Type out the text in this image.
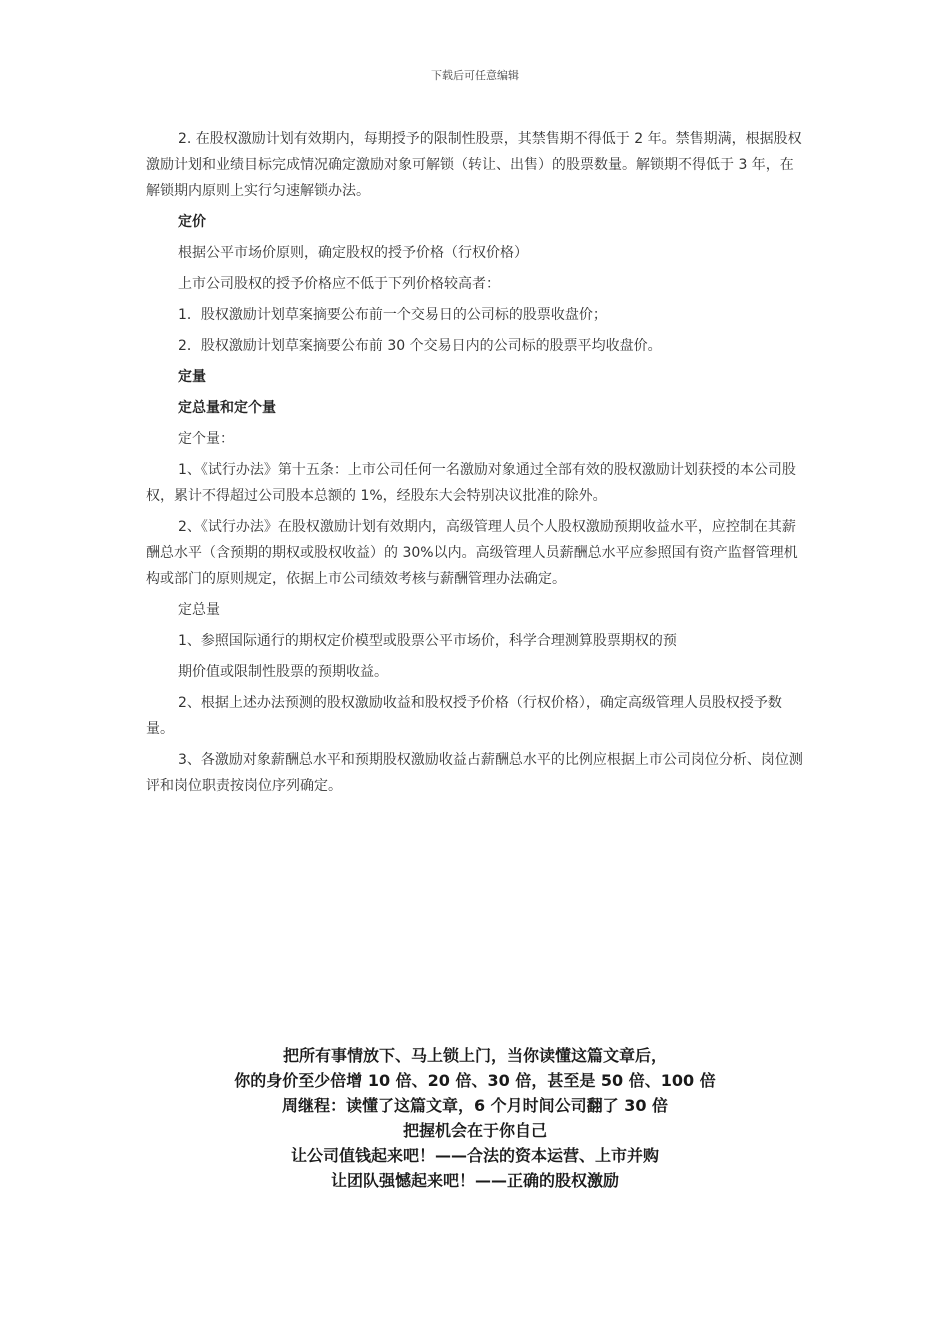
下载后可任意编辑

2. 在股权激励计划有效期内，每期授予的限制性股票，其禁售期不得低于 2 年。禁售期满，根据股权激励计划和业绩目标完成情况确定激励对象可解锁（转让、出售）的股票数量。解锁期不得低于 3 年，在解锁期内原则上实行匀速解锁办法。

定价

根据公平市场价原则，确定股权的授予价格（行权价格）

上市公司股权的授予价格应不低于下列价格较高者：

1．股权激励计划草案摘要公布前一个交易日的公司标的股票收盘价；

2．股权激励计划草案摘要公布前 30 个交易日内的公司标的股票平均收盘价。

定量

定总量和定个量

定个量：

1、《试行办法》第十五条：上市公司任何一名激励对象通过全部有效的股权激励计划获授的本公司股权，累计不得超过公司股本总额的 1%，经股东大会特别决议批准的除外。

2、《试行办法》在股权激励计划有效期内，高级管理人员个人股权激励预期收益水平，应控制在其薪酬总水平（含预期的期权或股权收益）的 30%以内。高级管理人员薪酬总水平应参照国有资产监督管理机构或部门的原则规定，依据上市公司绩效考核与薪酬管理办法确定。

定总量

1、参照国际通行的期权定价模型或股票公平市场价，科学合理测算股票期权的预

期价值或限制性股票的预期收益。

2、根据上述办法预测的股权激励收益和股权授予价格（行权价格），确定高级管理人员股权授予数量。

3、各激励对象薪酬总水平和预期股权激励收益占薪酬总水平的比例应根据上市公司岗位分析、岗位测评和岗位职责按岗位序列确定。

把所有事情放下、马上锁上门，当你读懂这篇文章后，
你的身价至少倍增 10 倍、20 倍、30 倍，甚至是 50 倍、100 倍
周继程：读懂了这篇文章，6 个月时间公司翻了 30 倍
把握机会在于你自己
让公司值钱起来吧！——合法的资本运营、上市并购
让团队强憾起来吧！——正确的股权激励
